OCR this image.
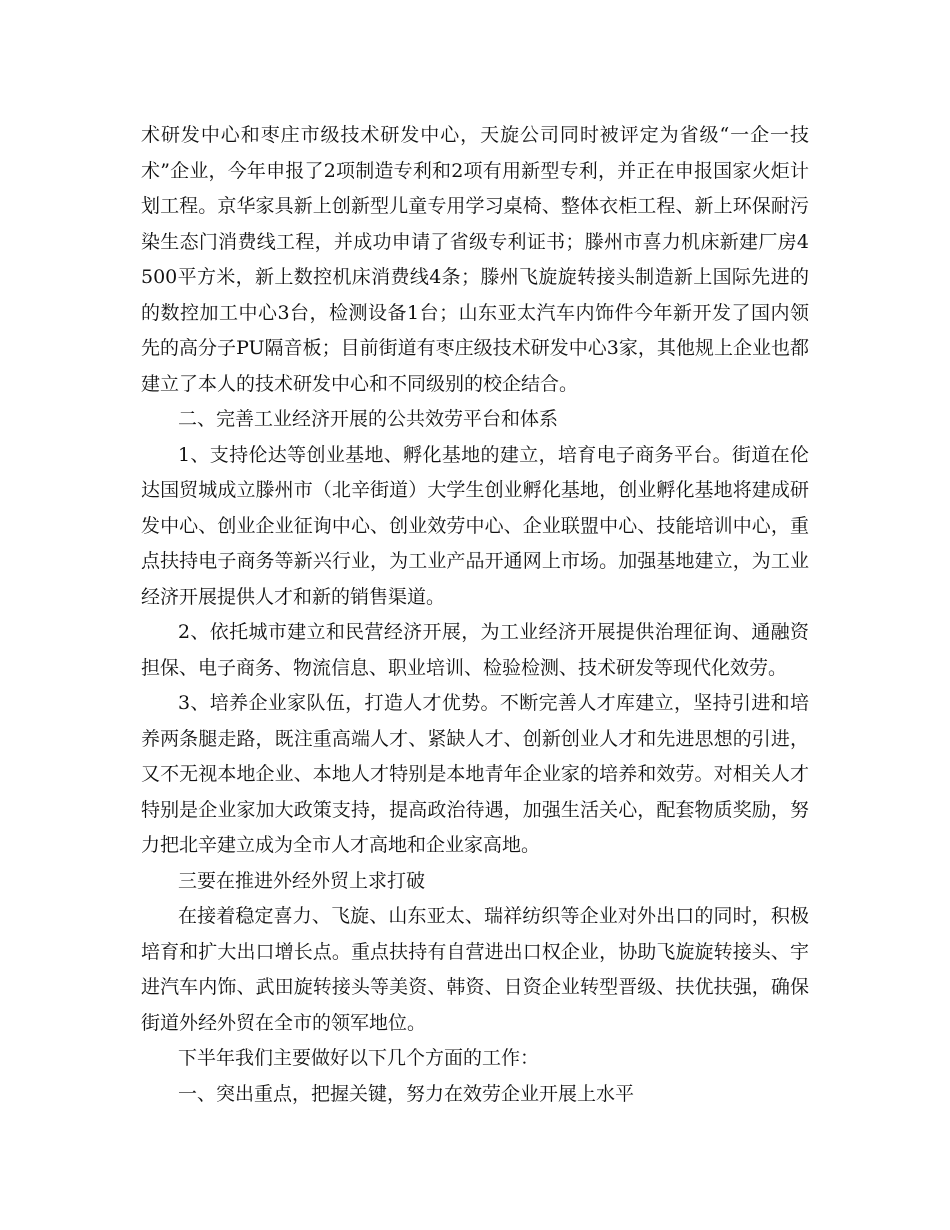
术研发中心和枣庄市级技术研发中心，天旋公司同时被评定为省级“一企一技术”企业，今年申报了2项制造专利和2项有用新型专利，并正在申报国家火炬计划工程。京华家具新上创新型儿童专用学习桌椅、整体衣柜工程、新上环保耐污染生态门消费线工程，并成功申请了省级专利证书；滕州市喜力机床新建厂房4500平方米，新上数控机床消费线4条；滕州飞旋旋转接头制造新上国际先进的的数控加工中心3台，检测设备1台；山东亚太汽车内饰件今年新开发了国内领先的高分子PU隔音板；目前街道有枣庄级技术研发中心3家，其他规上企业也都建立了本人的技术研发中心和不同级别的校企结合。

二、完善工业经济开展的公共效劳平台和体系

1、支持伦达等创业基地、孵化基地的建立，培育电子商务平台。街道在伦达国贸城成立滕州市（北辛街道）大学生创业孵化基地，创业孵化基地将建成研发中心、创业企业征询中心、创业效劳中心、企业联盟中心、技能培训中心，重点扶持电子商务等新兴行业，为工业产品开通网上市场。加强基地建立，为工业经济开展提供人才和新的销售渠道。

2、依托城市建立和民营经济开展，为工业经济开展提供治理征询、通融资担保、电子商务、物流信息、职业培训、检验检测、技术研发等现代化效劳。

3、培养企业家队伍，打造人才优势。不断完善人才库建立，坚持引进和培养两条腿走路，既注重高端人才、紧缺人才、创新创业人才和先进思想的引进，又不无视本地企业、本地人才特别是本地青年企业家的培养和效劳。对相关人才特别是企业家加大政策支持，提高政治待遇，加强生活关心，配套物质奖励，努力把北辛建立成为全市人才高地和企业家高地。

三要在推进外经外贸上求打破

在接着稳定喜力、飞旋、山东亚太、瑞祥纺织等企业对外出口的同时，积极培育和扩大出口增长点。重点扶持有自营进出口权企业，协助飞旋旋转接头、宇进汽车内饰、武田旋转接头等美资、韩资、日资企业转型晋级、扶优扶强，确保街道外经外贸在全市的领军地位。

下半年我们主要做好以下几个方面的工作：

一、突出重点，把握关键，努力在效劳企业开展上水平
